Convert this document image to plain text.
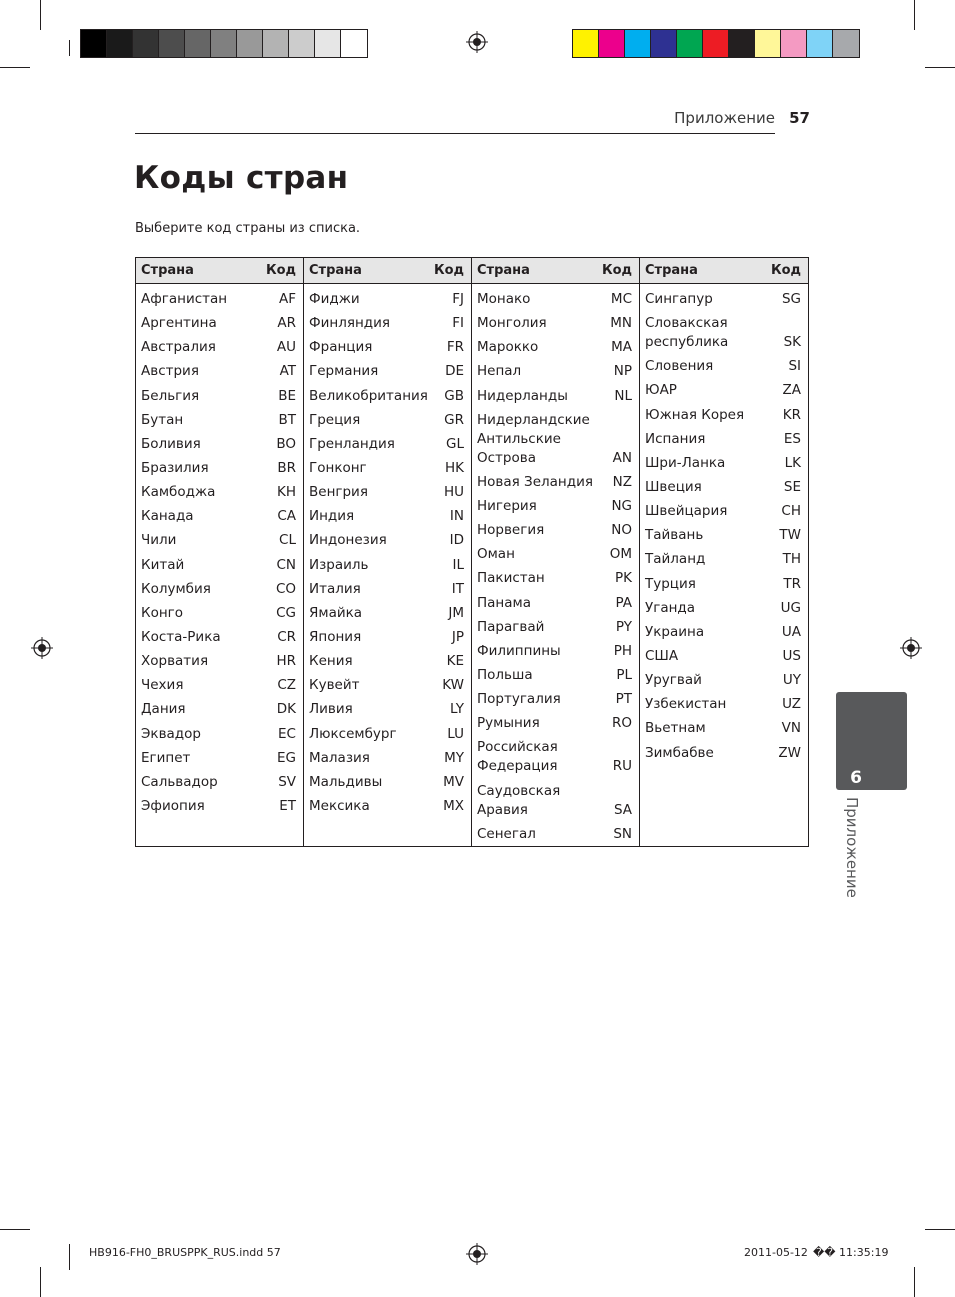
Приложение 57
Коды стран
Выберите код страны из списка.
Страна	Код
Афганистан	AF
Аргентина	AR
Австралия	AU
Австрия	AT
Бельгия	BE
Бутан	BT
Боливия	BO
Бразилия	BR
Камбоджа	KH
Канада	CA
Чили	CL
Китай	CN
Колумбия	CO
Конго	CG
Коста-Рика	CR
Хорватия	HR
Чехия	CZ
Дания	DK
Эквадор	EC
Египет	EG
Сальвадор	SV
Эфиопия	ET
Страна	Код
Фиджи	FJ
Финляндия	FI
Франция	FR
Германия	DE
Великобритания GB
Греция	GR
Гренландия	GL
Гонконг	HK
Венгрия	HU
Индия	IN
Индонезия	ID
Израиль	IL
Италия	IT
Ямайка	JM
Япония	JP
Кения	KE
Кувейт	KW
Ливия	LY
Люксембург	LU
Малазия	MY
Мальдивы	MV
Мексика	MX
Страна	Код
Монако	MC
Монголия	MN
Марокко	MA
Непал	NP
Нидерланды	NL
Нидерландские
Антильские
Острова	AN
Новая Зеландия NZ
Нигерия	NG
Норвегия	NO
Оман	OM
Пакистан	PK
Панама	PA
Парагвай	PY
Филиппины	PH
Польша	PL
Португалия	PT
Румыния	RO
Российская
Федерация	RU
Саудовская
Аравия	SA
Сенегал	SN
Страна	Код
Сингапур	SG
Словакская
республика	SK
Словения	SI
ЮАР	ZA
Южная Корея	KR
Испания	ES
Шри-Ланка	LK
Швеция	SE
Швейцария	CH
Тайвань	TW
Тайланд	TH
Турция	TR
Уганда	UG
Украина	UA
США	US
Уругвай	UY
Узбекистан	UZ
Вьетнам	VN
Зимбабве	ZW
6
Приложение
HB916-FH0_BRUSPPK_RUS.indd 57	2011-05-12 �� 11:35:19
